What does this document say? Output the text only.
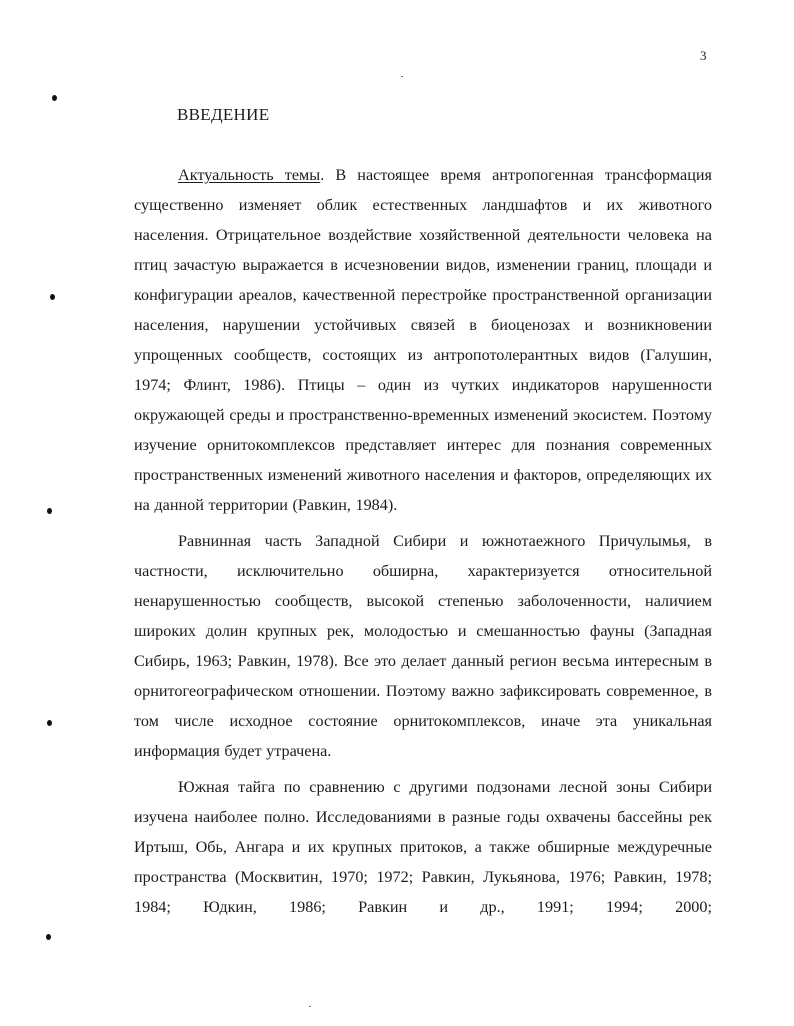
3
ВВЕДЕНИЕ

Актуальность темы. В настоящее время антропогенная трансформация существенно изменяет облик естественных ландшафтов и их животного населения. Отрицательное воздействие хозяйственной деятельности человека на птиц зачастую выражается в исчезновении видов, изменении границ, площади и конфигурации ареалов, качественной перестройке пространственной организации населения, нарушении устойчивых связей в биоценозах и возникновении упрощенных сообществ, состоящих из антропотолерантных видов (Галушин, 1974; Флинт, 1986). Птицы – один из чутких индикаторов нарушенности окружающей среды и пространственно-временных изменений экосистем. Поэтому изучение орнитокомплексов представляет интерес для познания современных пространственных изменений животного населения и факторов, определяющих их на данной территории (Равкин, 1984).

Равнинная часть Западной Сибири и южнотаежного Причулымья, в частности, исключительно обширна, характеризуется относительной ненарушенностью сообществ, высокой степенью заболоченности, наличием широких долин крупных рек, молодостью и смешанностью фауны (Западная Сибирь, 1963; Равкин, 1978). Все это делает данный регион весьма интересным в орнитогеографическом отношении. Поэтому важно зафиксировать современное, в том числе исходное состояние орнитокомплексов, иначе эта уникальная информация будет утрачена.

Южная тайга по сравнению с другими подзонами лесной зоны Сибири изучена наиболее полно. Исследованиями в разные годы охвачены бассейны рек Иртыш, Обь, Ангара и их крупных притоков, а также обширные междуречные пространства (Москвитин, 1970; 1972; Равкин, Лукьянова, 1976; Равкин, 1978; 1984; Юдкин, 1986; Равкин и др., 1991; 1994; 2000;
